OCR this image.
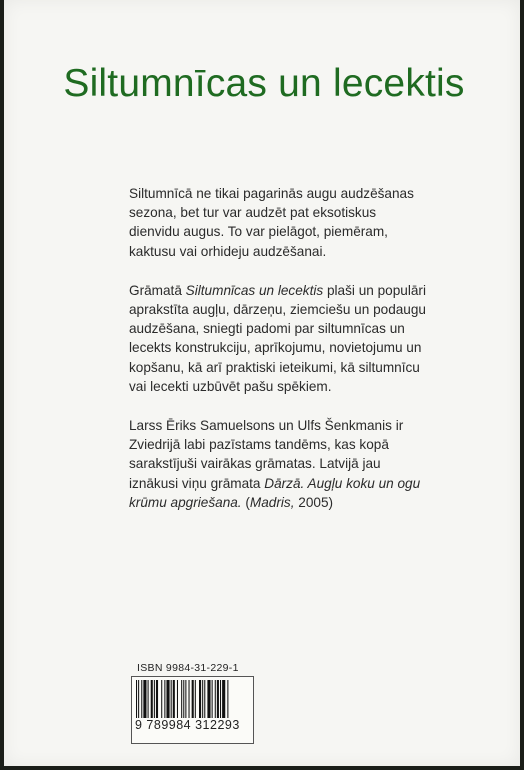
Siltumnīcas un lecektis

Siltumnīcā ne tikai pagarinās augu audzēšanas sezona, bet tur var audzēt pat eksotiskus dienvidu augus. To var pielāgot, piemēram, kaktusu vai orhideju audzēšanai.

Grāmatā Siltumnīcas un lecektis plaši un populāri aprakstīta augļu, dārzeņu, ziemciešu un podaugu audzēšana, sniegti padomi par siltumnīcas un lecekts konstrukciju, aprīkojumu, novietojumu un kopšanu, kā arī praktiski ieteikumi, kā siltumnīcu vai lecekti uzbūvēt pašu spēkiem.

Larss Ēriks Samuelsons un Ulfs Šenkmanis ir Zviedrijā labi pazīstams tandēms, kas kopā sarakstījuši vairākas grāmatas. Latvijā jau iznākusi viņu grāmata Dārzā. Augļu koku un ogu krūmu apgriešana. (Madris, 2005)

ISBN 9984-31-229-1
9 789984 312293
